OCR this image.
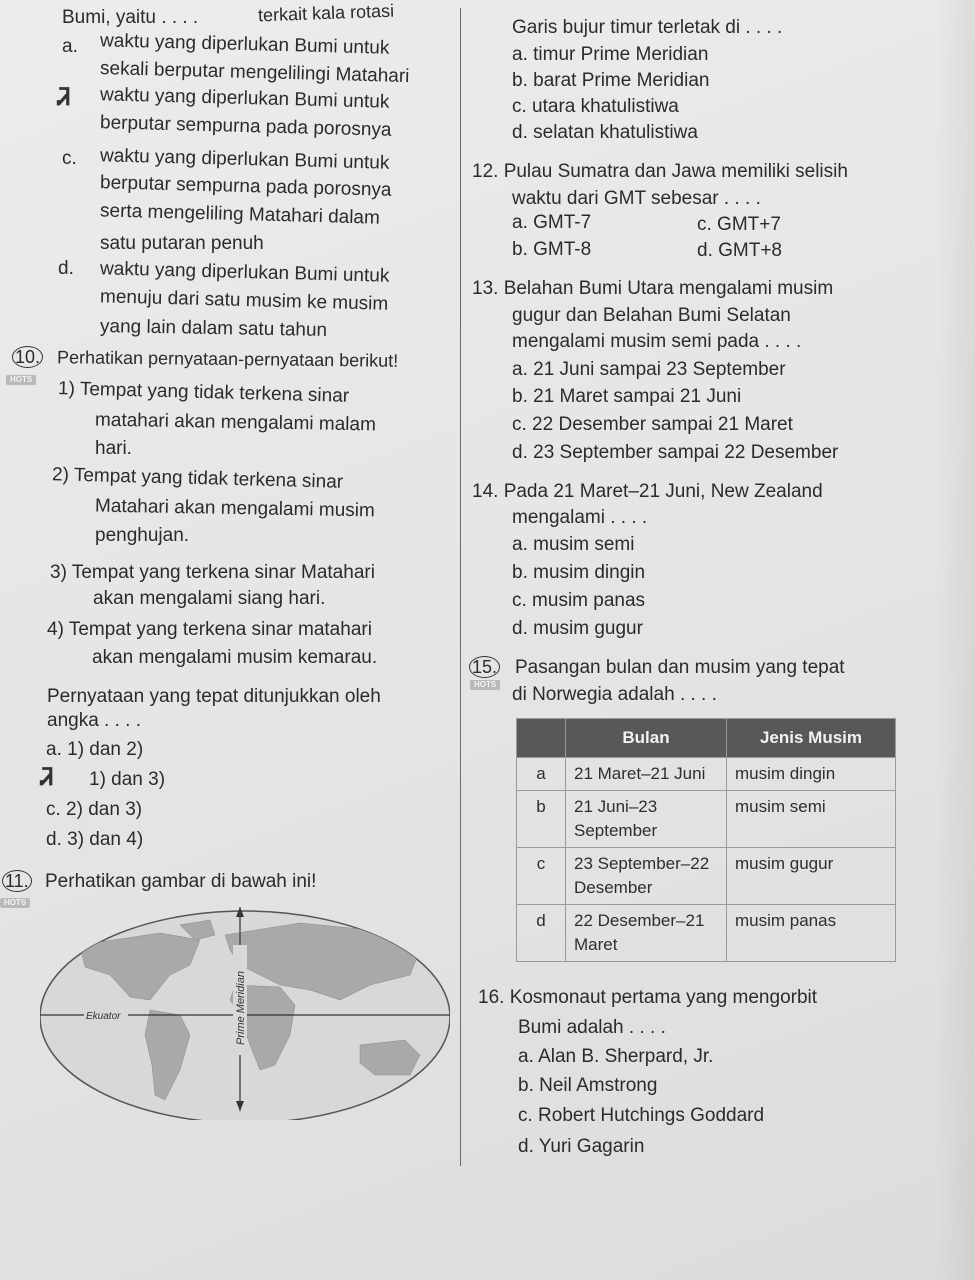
terkait kala rotasi
Bumi, yaitu . . . .
a. waktu yang diperlukan Bumi untuk
sekali berputar mengelilingi Matahari
Ꮨ waktu yang diperlukan Bumi untuk
berputar sempurna pada porosnya
c. waktu yang diperlukan Bumi untuk
berputar sempurna pada porosnya
serta mengeliling Matahari dalam
satu putaran penuh
d. waktu yang diperlukan Bumi untuk
menuju dari satu musim ke musim
yang lain dalam satu tahun
10.
HOTS
Perhatikan pernyataan-pernyataan berikut!
1) Tempat yang tidak terkena sinar
matahari akan mengalami malam
hari.
2) Tempat yang tidak terkena sinar
Matahari akan mengalami musim
penghujan.
3) Tempat yang terkena sinar Matahari
akan mengalami siang hari.
4) Tempat yang terkena sinar matahari
akan mengalami musim kemarau.
Pernyataan yang tepat ditunjukkan oleh
angka . . . .
a. 1) dan 2)
Ꮨ 1) dan 3)
c. 2) dan 3)
d. 3) dan 4)
11.
HOTS
Perhatikan gambar di bawah ini!
Ekuator	Prime Meridian
Garis bujur timur terletak di . . . .
a. timur Prime Meridian
b. barat Prime Meridian
c. utara khatulistiwa
d. selatan khatulistiwa
12. Pulau Sumatra dan Jawa memiliki selisih
waktu dari GMT sebesar . . . .
a. GMT-7	c. GMT+7
b. GMT-8	d. GMT+8
13. Belahan Bumi Utara mengalami musim
gugur dan Belahan Bumi Selatan
mengalami musim semi pada . . . .
a. 21 Juni sampai 23 September
b. 21 Maret sampai 21 Juni
c. 22 Desember sampai 21 Maret
d. 23 September sampai 22 Desember
14. Pada 21 Maret–21 Juni, New Zealand
mengalami . . . .
a. musim semi
b. musim dingin
c. musim panas
d. musim gugur
15.
HOTS
Pasangan bulan dan musim yang tepat
di Norwegia adalah . . . .
	Bulan	Jenis Musim
a	21 Maret–21 Juni	musim dingin
b	21 Juni–23
September	musim semi
c	23 September–22
Desember	musim gugur
d	22 Desember–21
Maret	musim panas
16. Kosmonaut pertama yang mengorbit
Bumi adalah . . . .
a. Alan B. Sherpard, Jr.
b. Neil Amstrong
c. Robert Hutchings Goddard
d. Yuri Gagarin
